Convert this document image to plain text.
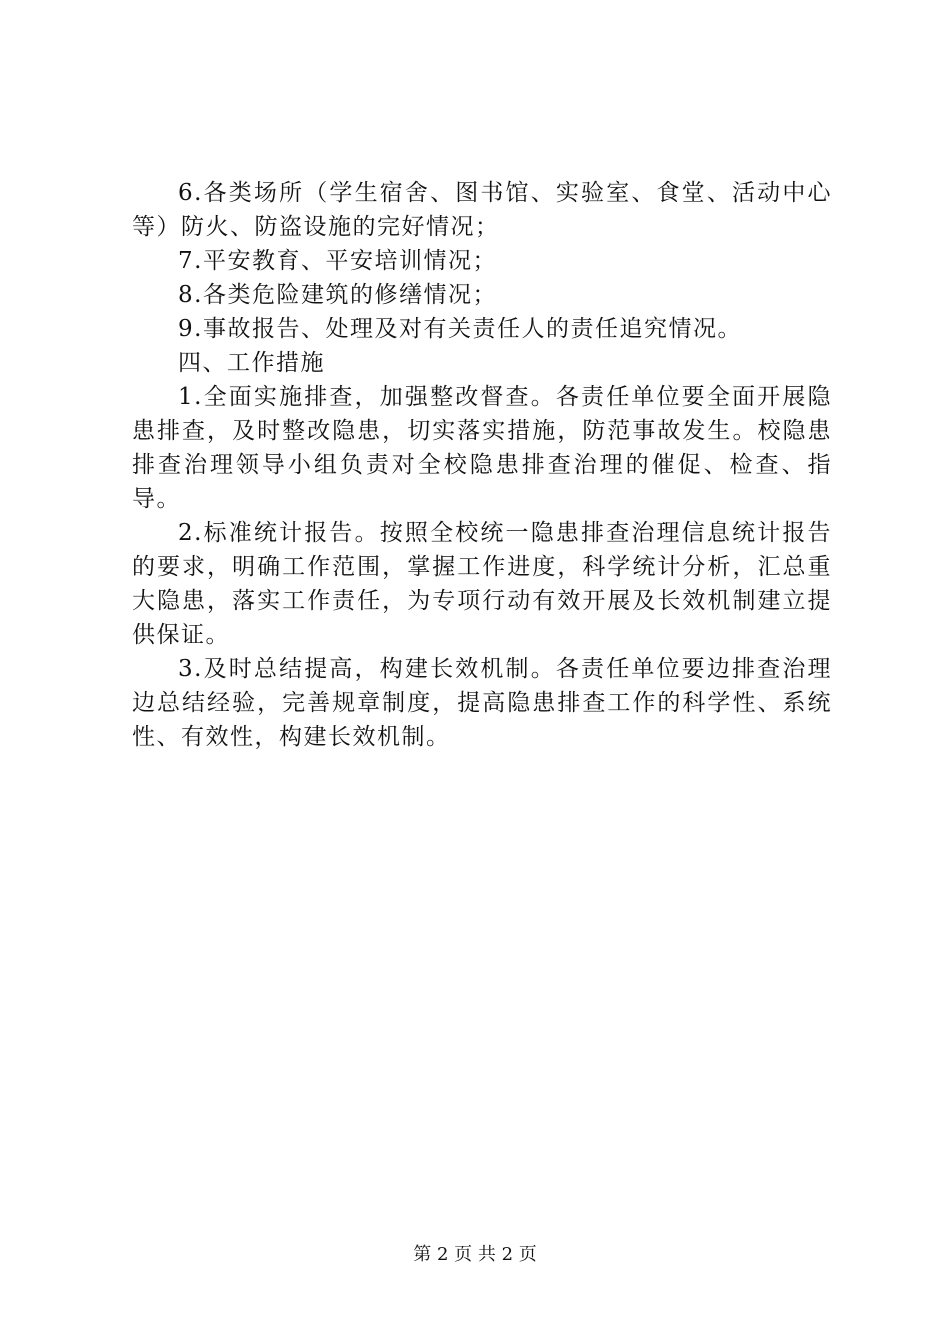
6.各类场所（学生宿舍、图书馆、实验室、食堂、活动中心等）防火、防盗设施的完好情况；

7.平安教育、平安培训情况；

8.各类危险建筑的修缮情况；

9.事故报告、处理及对有关责任人的责任追究情况。

四、工作措施

1.全面实施排查，加强整改督查。各责任单位要全面开展隐患排查，及时整改隐患，切实落实措施，防范事故发生。校隐患排查治理领导小组负责对全校隐患排查治理的催促、检查、指导。

2.标准统计报告。按照全校统一隐患排查治理信息统计报告的要求，明确工作范围，掌握工作进度，科学统计分析，汇总重大隐患，落实工作责任，为专项行动有效开展及长效机制建立提供保证。

3.及时总结提高，构建长效机制。各责任单位要边排查治理边总结经验，完善规章制度，提高隐患排查工作的科学性、系统性、有效性，构建长效机制。

第 2 页 共 2 页
